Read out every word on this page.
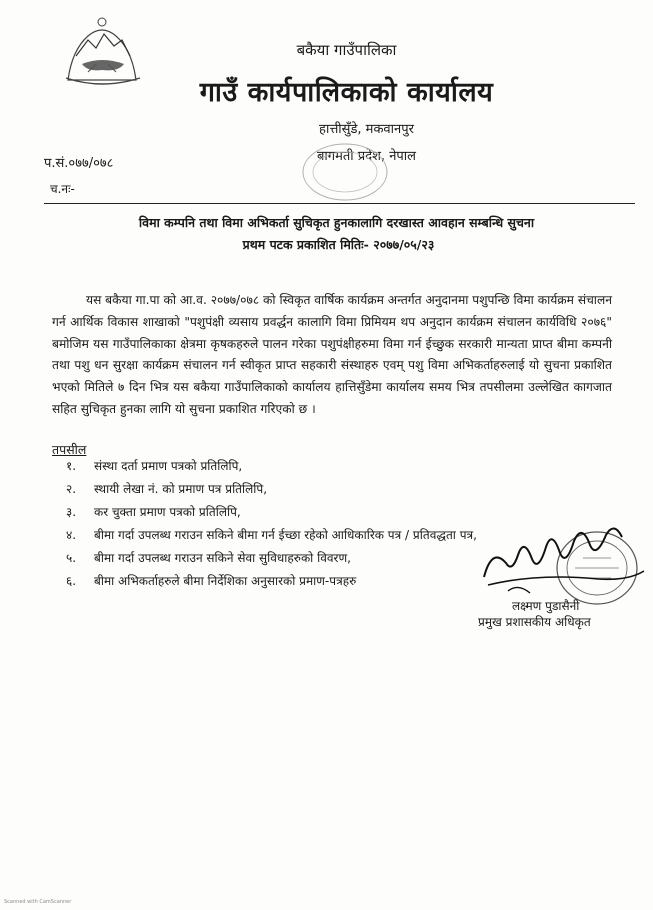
बकैया गाउँपालिका
गाउँ कार्यपालिकाको कार्यालय
हात्तीसुँडे, मकवानपुर
बागमती प्रदेश, नेपाल
प.सं.०७७/०७८
च.नः-
विमा कम्पनि तथा विमा अभिकर्ता सुचिकृत हुनकालागि दरखास्त आवहान सम्बन्धि सुचना
प्रथम पटक प्रकाशित मितिः- २०७७/०५/२३

यस बकैया गा.पा को आ.व. २०७७/०७८ को स्विकृत वार्षिक कार्यक्रम अन्तर्गत अनुदानमा पशुपन्छि विमा कार्यक्रम संचालन गर्न आर्थिक विकास शाखाको "पशुपंक्षी व्यसाय प्रवर्द्धन कालागि विमा प्रिमियम थप अनुदान कार्यक्रम संचालन कार्यविधि २०७६" बमोजिम यस गाउँपालिकाका क्षेत्रमा कृषकहरुले पालन गरेका पशुपंक्षीहरुमा विमा गर्न ईच्छुक सरकारी मान्यता प्राप्त बीमा कम्पनी तथा पशु धन सुरक्षा कार्यक्रम संचालन गर्न स्वीकृत प्राप्त सहकारी संस्थाहरु एवम् पशु विमा अभिकर्ताहरुलाई यो सुचना प्रकाशित भएको मितिले ७ दिन भित्र यस बकैया गाउँपालिकाको कार्यालय हात्तिसुँडेमा कार्यालय समय भित्र तपसीलमा उल्लेखित कागजात सहित सुचिकृत हुनका लागि यो सुचना प्रकाशित गरिएको छ ।

तपसील
१. संस्था दर्ता प्रमाण पत्रको प्रतिलिपि,
२. स्थायी लेखा नं. को प्रमाण पत्र प्रतिलिपि,
३. कर चुक्ता प्रमाण पत्रको प्रतिलिपि,
४. बीमा गर्दा उपलब्ध गराउन सकिने बीमा गर्न ईच्छा रहेको आधिकारिक पत्र / प्रतिवद्धता पत्र,
५. बीमा गर्दा उपलब्ध गराउन सकिने सेवा सुविधाहरुको विवरण,
६. बीमा अभिकर्ताहरुले बीमा निर्देशिका अनुसारको प्रमाण-पत्रहरु
लक्ष्मण पुडासैनी
प्रमुख प्रशासकीय अधिकृत
Scanned with CamScanner
